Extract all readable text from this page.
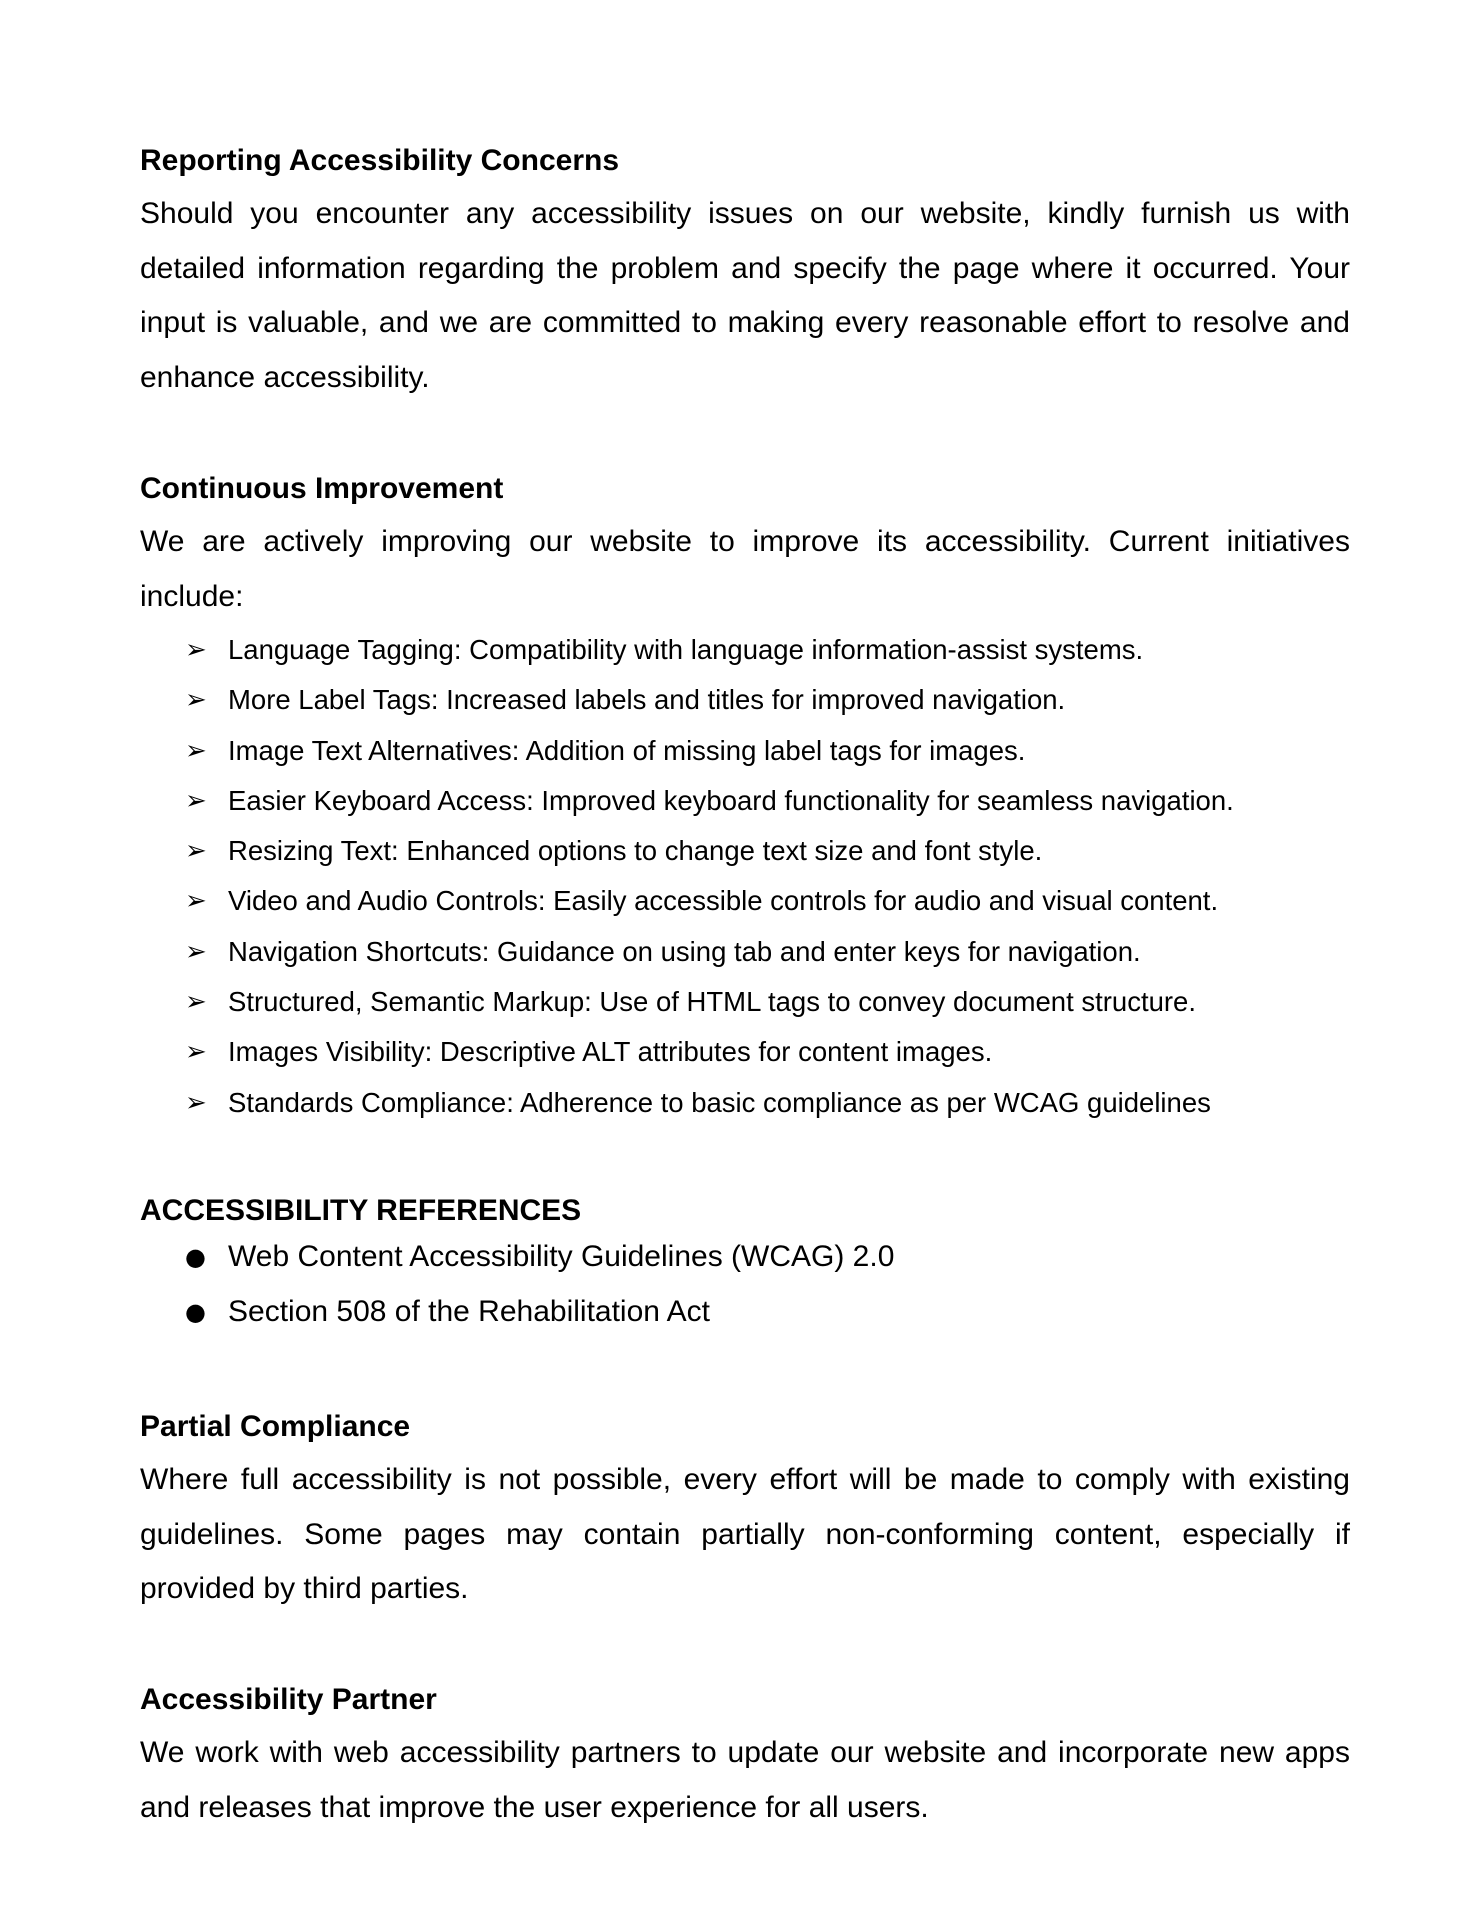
Reporting Accessibility Concerns
Should you encounter any accessibility issues on our website, kindly furnish us with detailed information regarding the problem and specify the page where it occurred. Your input is valuable, and we are committed to making every reasonable effort to resolve and enhance accessibility.
Continuous Improvement
We are actively improving our website to improve its accessibility. Current initiatives include:
➢ Language Tagging: Compatibility with language information-assist systems.
➢ More Label Tags: Increased labels and titles for improved navigation.
➢ Image Text Alternatives: Addition of missing label tags for images.
➢ Easier Keyboard Access: Improved keyboard functionality for seamless navigation.
➢ Resizing Text: Enhanced options to change text size and font style.
➢ Video and Audio Controls: Easily accessible controls for audio and visual content.
➢ Navigation Shortcuts: Guidance on using tab and enter keys for navigation.
➢ Structured, Semantic Markup: Use of HTML tags to convey document structure.
➢ Images Visibility: Descriptive ALT attributes for content images.
➢ Standards Compliance: Adherence to basic compliance as per WCAG guidelines
ACCESSIBILITY REFERENCES
● Web Content Accessibility Guidelines (WCAG) 2.0
● Section 508 of the Rehabilitation Act
Partial Compliance
Where full accessibility is not possible, every effort will be made to comply with existing guidelines. Some pages may contain partially non-conforming content, especially if provided by third parties.
Accessibility Partner
We work with web accessibility partners to update our website and incorporate new apps and releases that improve the user experience for all users.
